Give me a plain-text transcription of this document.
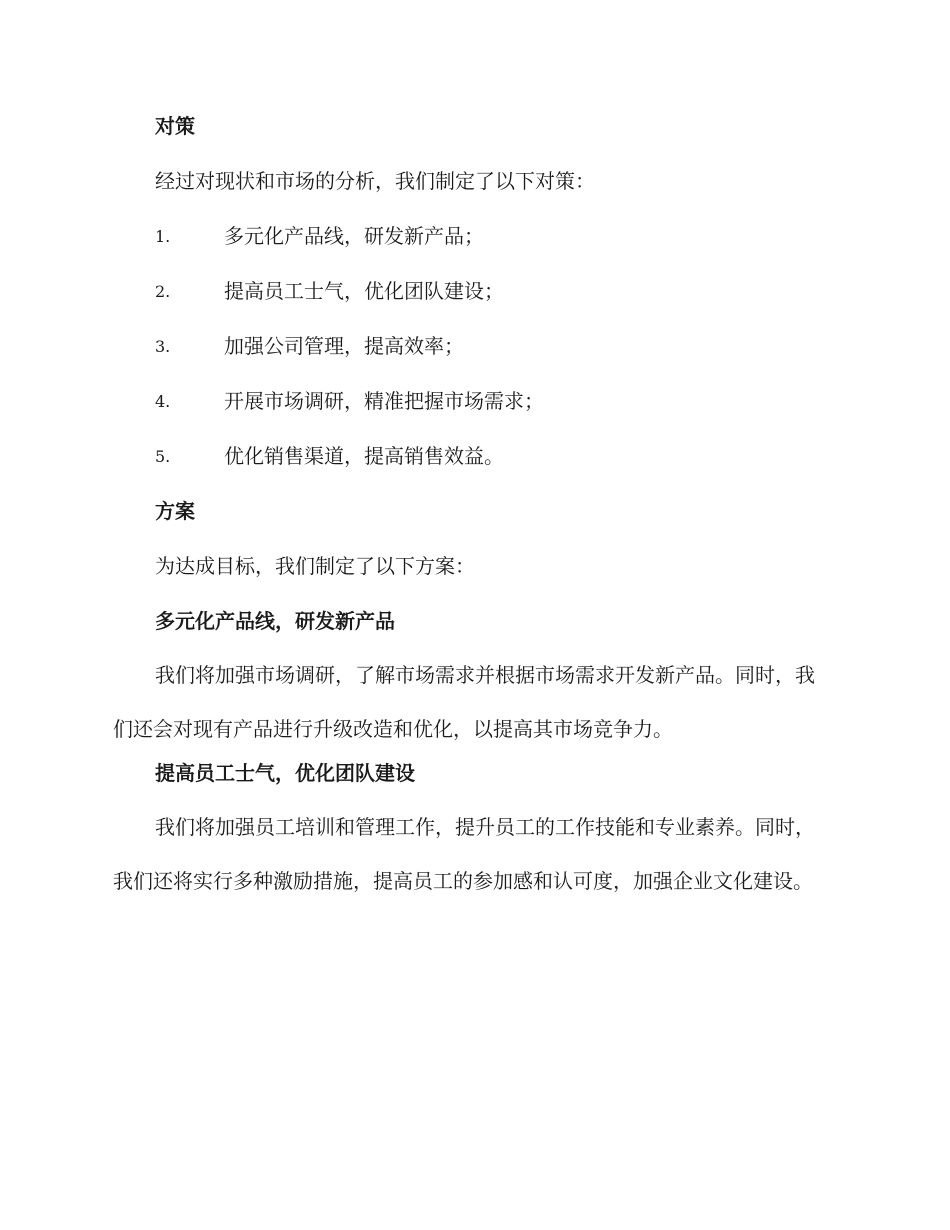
对策
经过对现状和市场的分析，我们制定了以下对策：
1.	多元化产品线，研发新产品；
2.	提高员工士气，优化团队建设；
3.	加强公司管理，提高效率；
4.	开展市场调研，精准把握市场需求；
5.	优化销售渠道，提高销售效益。
方案
为达成目标，我们制定了以下方案：
多元化产品线，研发新产品
我们将加强市场调研，了解市场需求并根据市场需求开发新产品。同时，我们还会对现有产品进行升级改造和优化，以提高其市场竞争力。
提高员工士气，优化团队建设
我们将加强员工培训和管理工作，提升员工的工作技能和专业素养。同时，我们还将实行多种激励措施，提高员工的参加感和认可度，加强企业文化建设。
